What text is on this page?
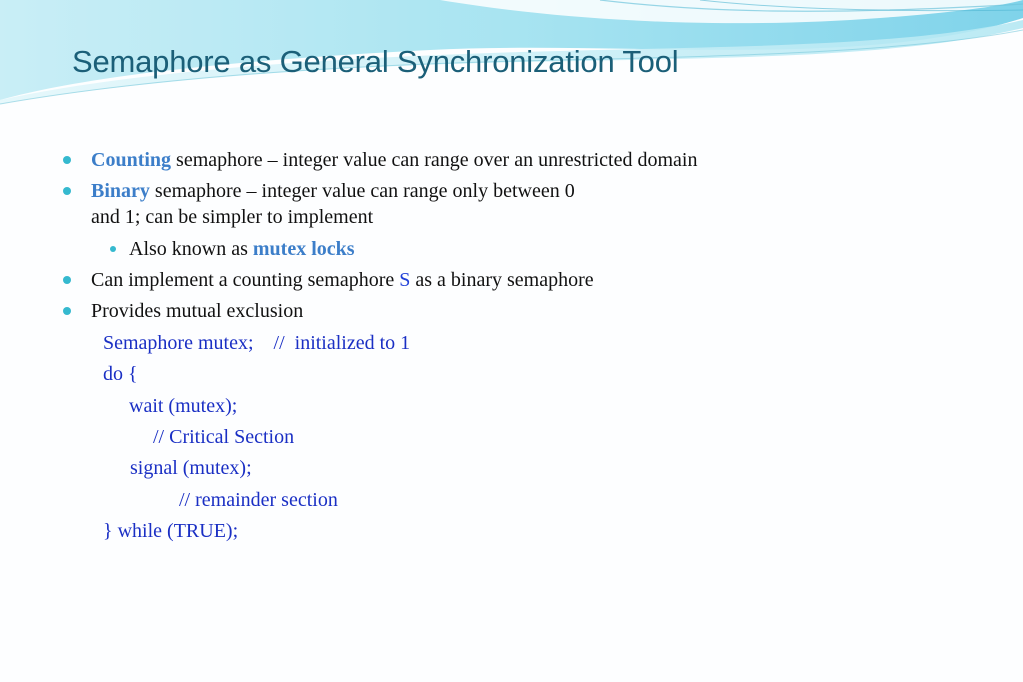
Semaphore as General Synchronization Tool
Counting semaphore – integer value can range over an unrestricted domain
Binary semaphore – integer value can range only between 0
and 1; can be simpler to implement
Also known as mutex locks
Can implement a counting semaphore S as a binary semaphore
Provides mutual exclusion
Semaphore mutex;    //  initialized to 1
do {
wait (mutex);
// Critical Section
signal (mutex);
// remainder section
} while (TRUE);
